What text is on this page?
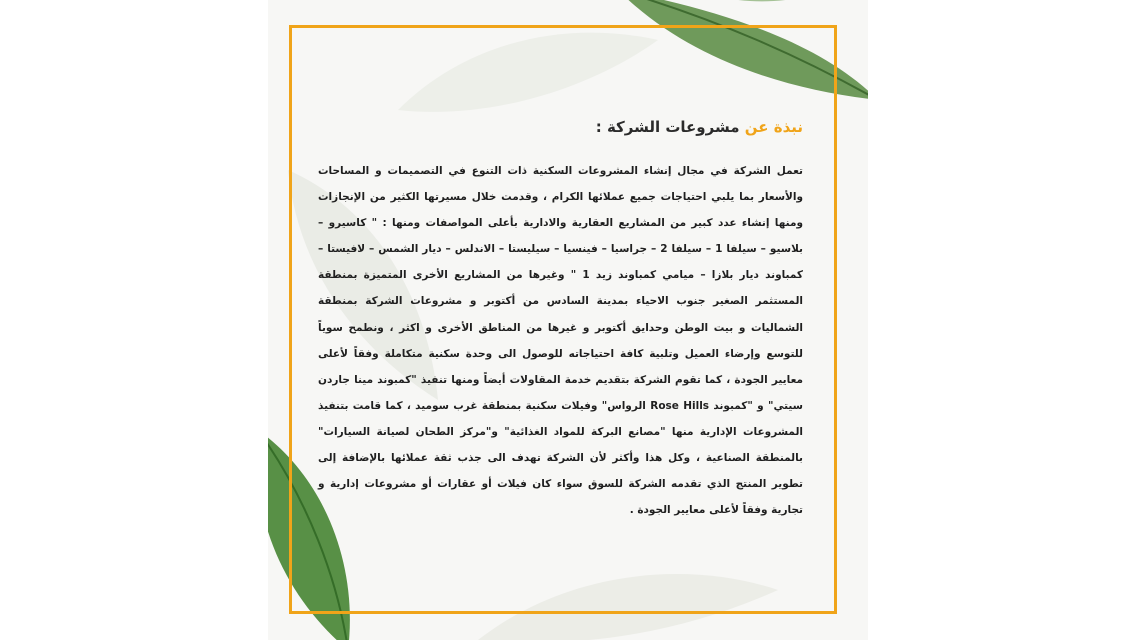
نبذة عن مشروعات الشركة :

تعمل الشركة في مجال إنشاء المشروعات السكنية ذات التنوع في التصميمات و المساحات والأسعار بما يلبي احتياجات جميع عملائها الكرام ، وقدمت خلال مسيرتها الكثير من الإنجازات ومنها إنشاء عدد كبير من المشاريع العقارية والادارية بأعلى المواصفات ومنها : " كاسيرو – بلاسيو – سيلفا 1 – سيلفا 2 – جراسيا – فينسيا – سيليستا – الاندلس – ديار الشمس – لافيستا – كمباوند ديار بلازا – ميامي كمباوند زيد 1 " وغيرها من المشاريع الأخرى المتميزة بمنطقة المستثمر الصغير جنوب الاحياء بمدينة السادس من أكتوبر و مشروعات الشركة بمنطقة الشماليات و بيت الوطن وحدايق أكتوبر و غيرها من المناطق الأخرى و اكثر ، ونطمح سوياً للتوسع وإرضاء العميل وتلبية كافة احتياجاته للوصول الى وحدة سكنية متكاملة وفقاً لأعلى معايير الجودة ، كما تقوم الشركة بتقديم خدمة المقاولات أيضاً ومنها تنفيذ "كمبوند مينا جاردن سيتي" و "كمبوند Rose Hills الرواس" وفيلات سكنية بمنطقة غرب سوميد ، كما قامت بتنفيذ المشروعات الإدارية منها "مصانع البركة للمواد الغذائية" و"مركز الطحان لصيانة السيارات" بالمنطقة الصناعية ، وكل هذا وأكثر لأن الشركة تهدف الى جذب ثقة عملائها بالإضافة إلى تطوير المنتج الذي تقدمه الشركة للسوق سواء كان فيلات أو عقارات أو مشروعات إدارية و تجارية وفقاً لأعلى معايير الجودة .
